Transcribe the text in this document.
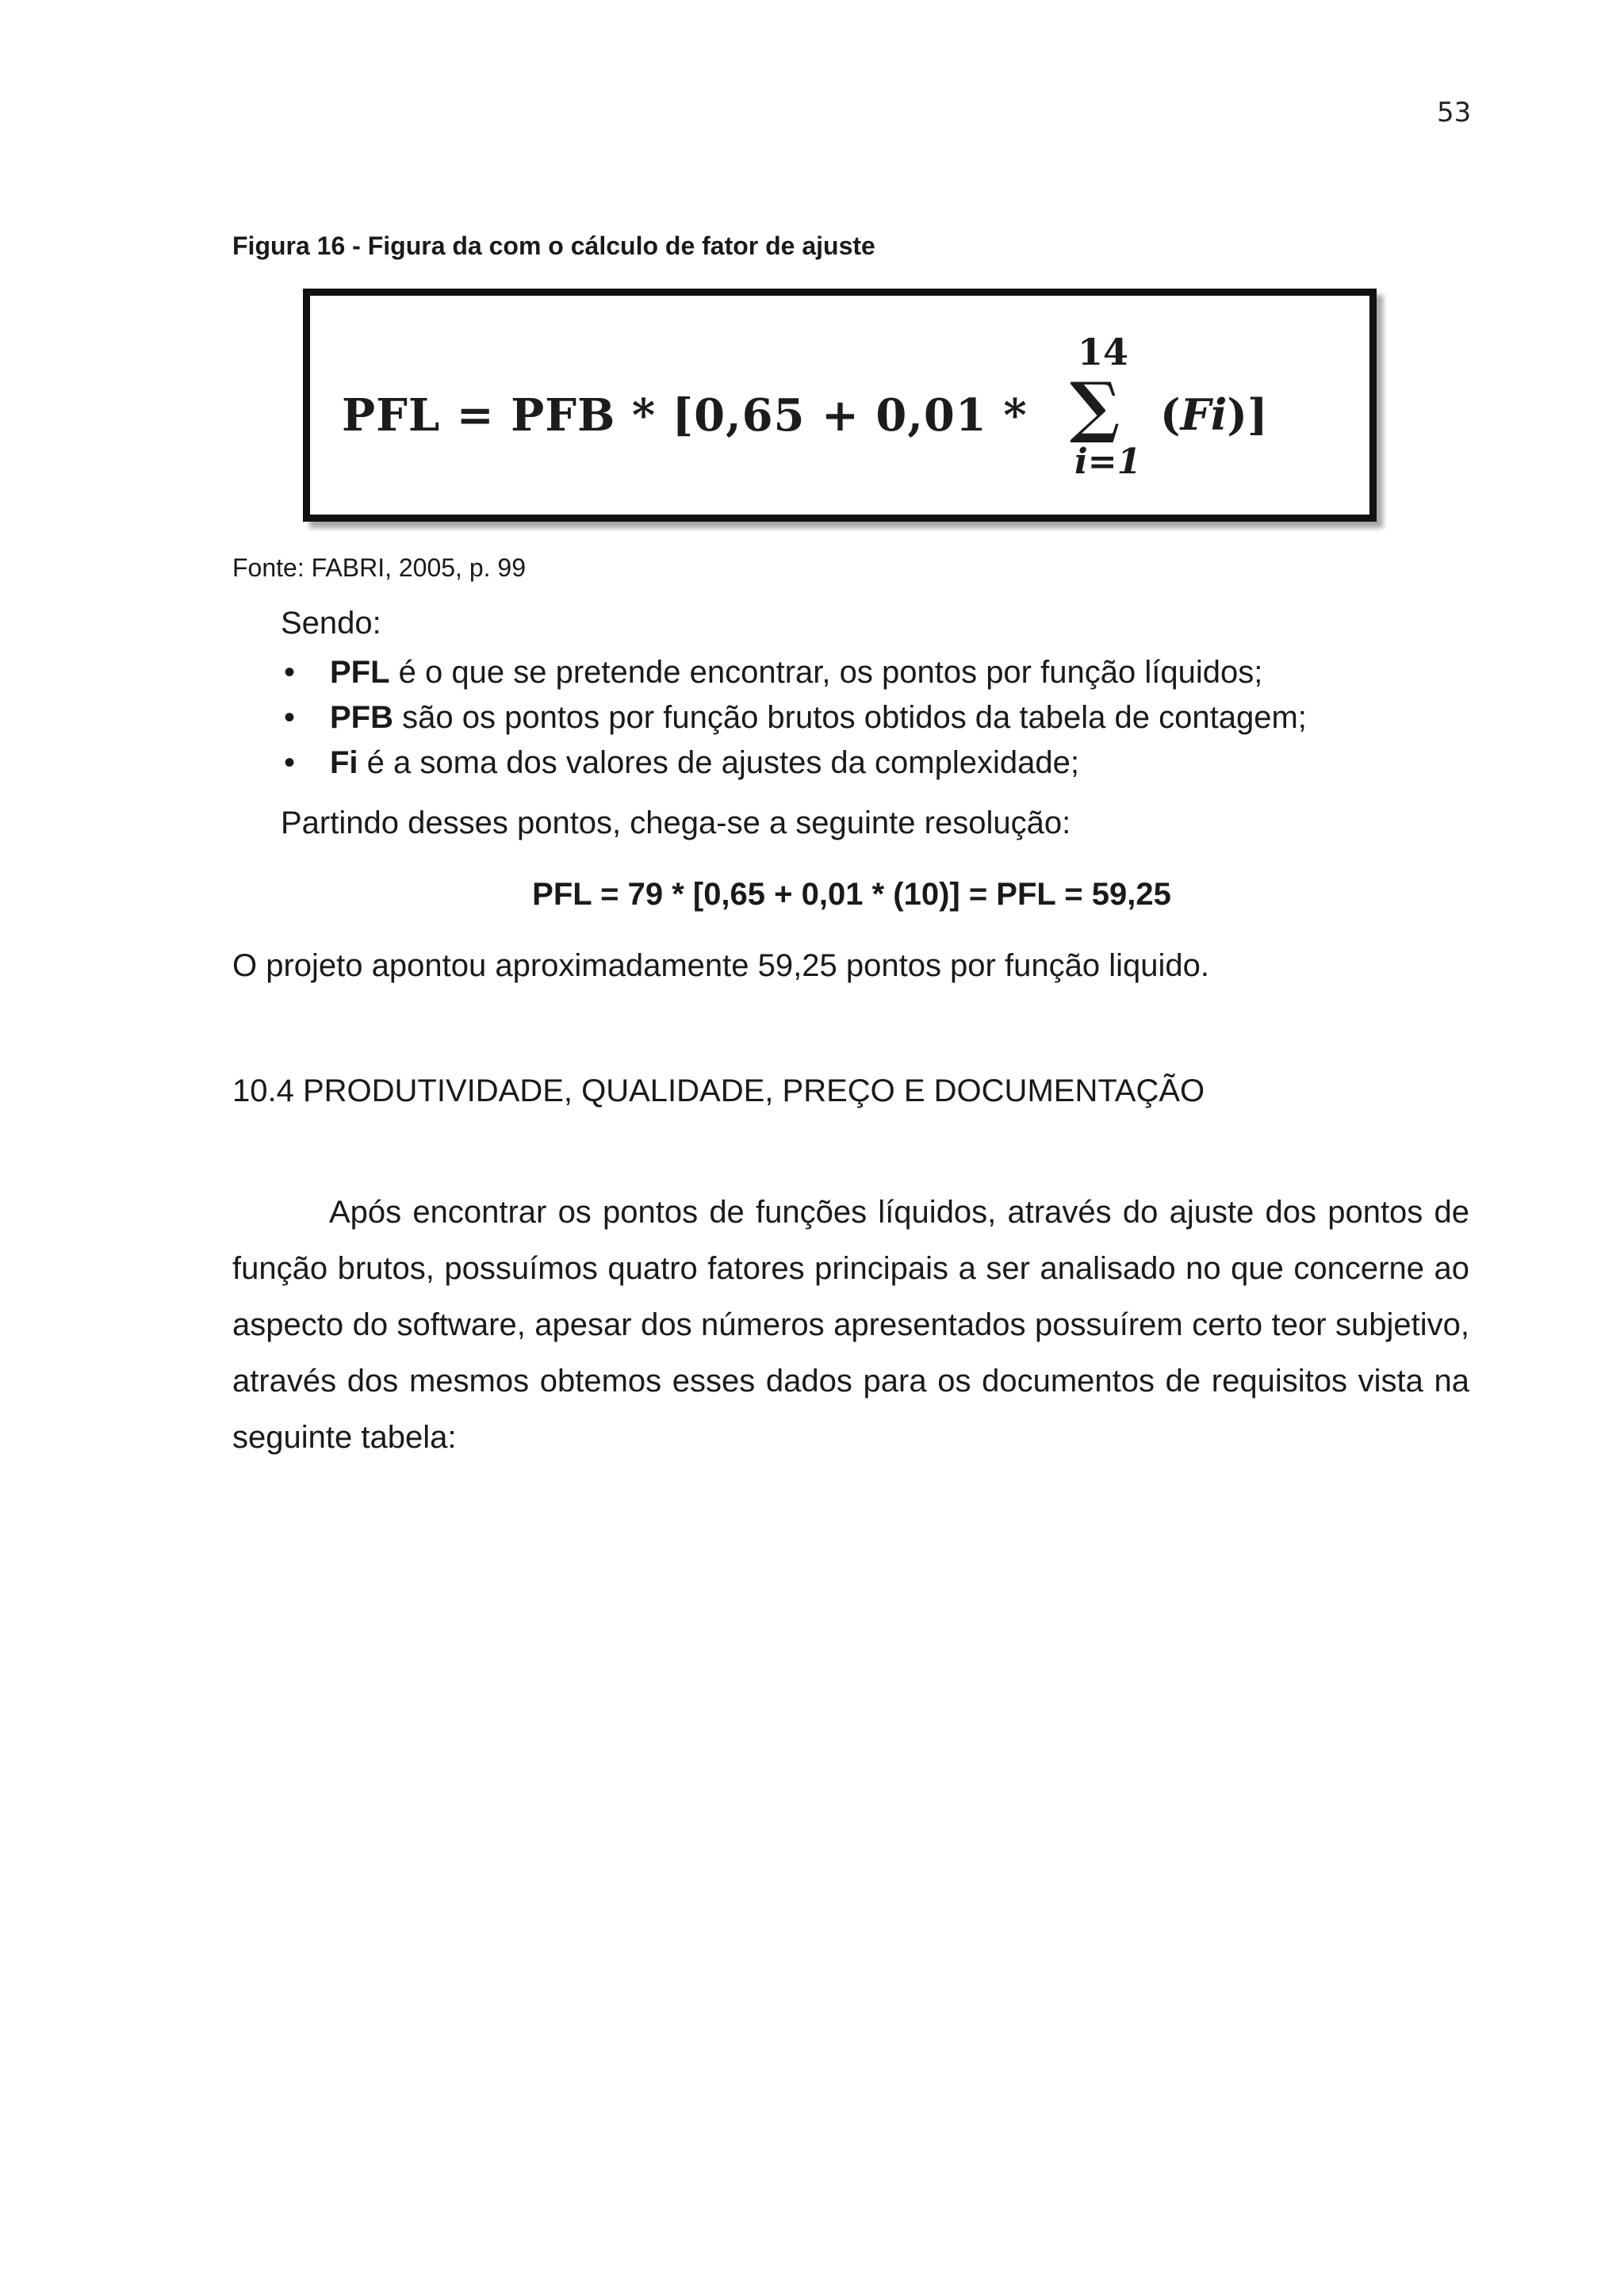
53
Figura 16 - Figura da com o cálculo de fator de ajuste
PFL = PFB * [0,65 + 0,01 *
14
∑ (Fi)]
i=1
Fonte: FABRI, 2005, p. 99
Sendo:
• PFL é o que se pretende encontrar, os pontos por função líquidos;
• PFB são os pontos por função brutos obtidos da tabela de contagem;
• Fi é a soma dos valores de ajustes da complexidade;
Partindo desses pontos, chega-se a seguinte resolução:
PFL = 79 * [0,65 + 0,01 * (10)] = PFL = 59,25
O projeto apontou aproximadamente 59,25 pontos por função liquido.
10.4 PRODUTIVIDADE, QUALIDADE, PREÇO E DOCUMENTAÇÃO

Após encontrar os pontos de funções líquidos, através do ajuste dos pontos de função brutos, possuímos quatro fatores principais a ser analisado no que concerne ao aspecto do software, apesar dos números apresentados possuírem certo teor subjetivo, através dos mesmos obtemos esses dados para os documentos de requisitos vista na seguinte tabela:
